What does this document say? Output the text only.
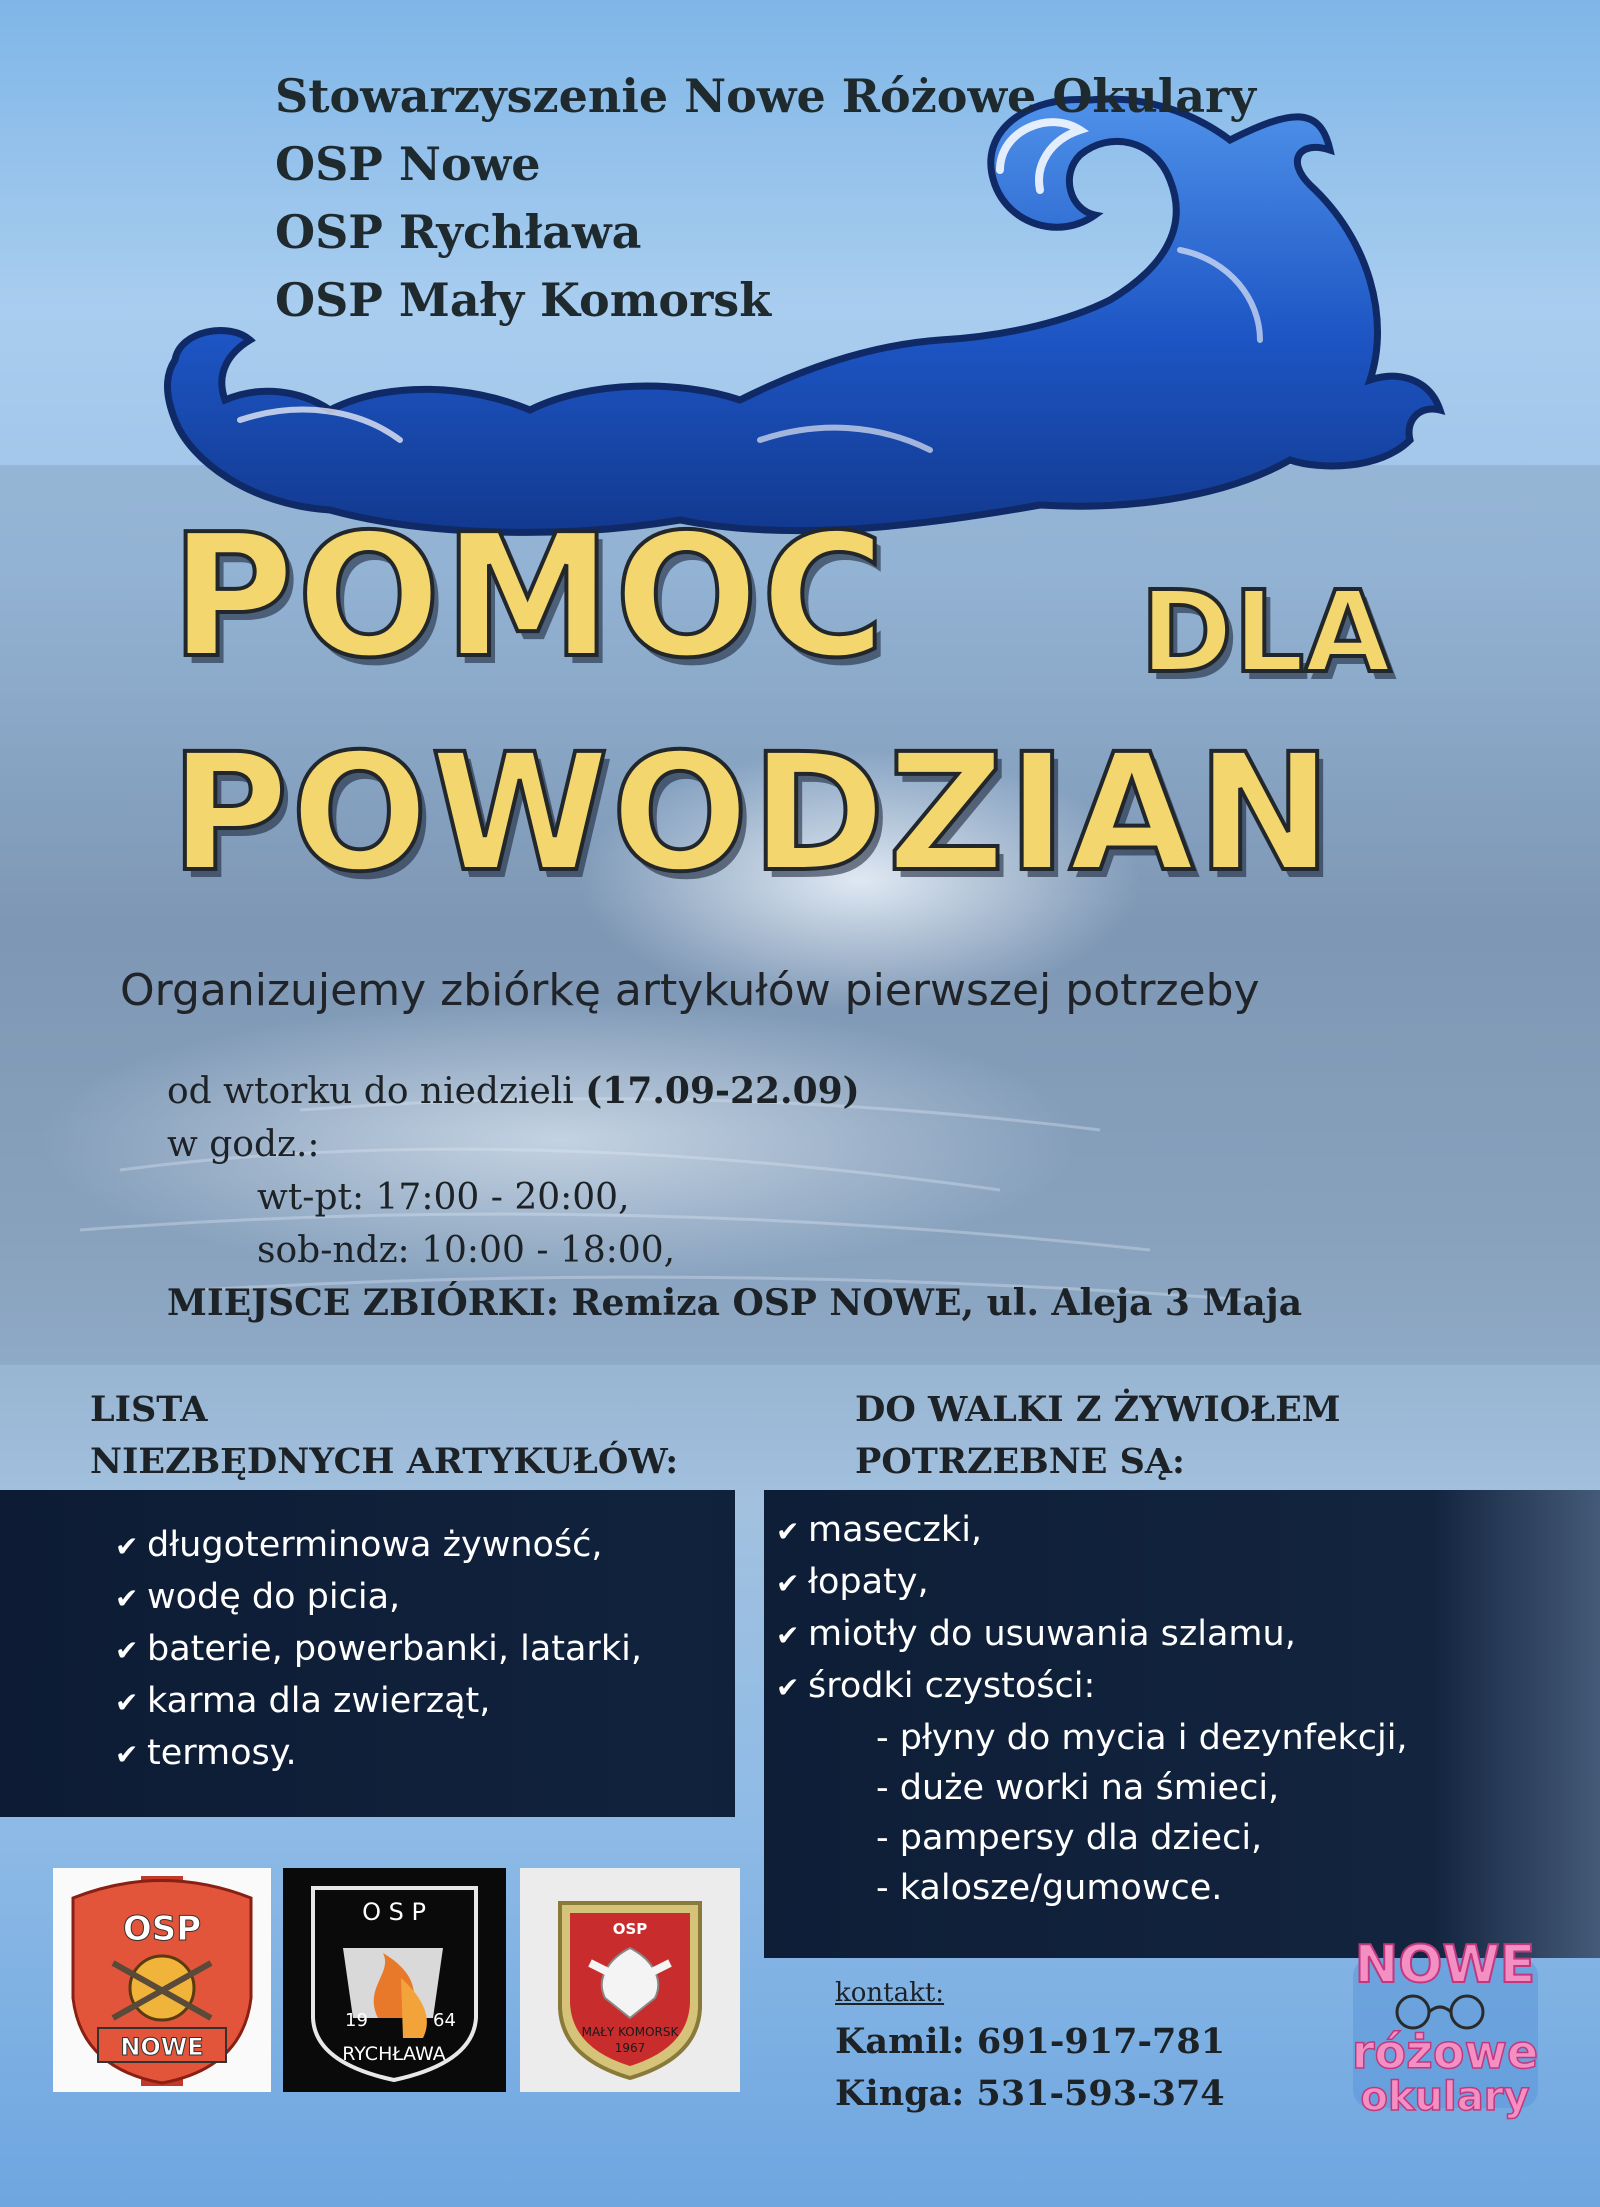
Stowarzyszenie Nowe Różowe Okulary
OSP Nowe
OSP Rychława
OSP Mały Komorsk
POMOC DLA
POWODZIAN
Organizujemy zbiórkę artykułów pierwszej potrzeby
od wtorku do niedzieli (17.09-22.09)
w godz.:
wt-pt: 17:00 - 20:00,
sob-ndz: 10:00 - 18:00,
MIEJSCE ZBIÓRKI: Remiza OSP NOWE, ul. Aleja 3 Maja
LISTA
NIEZBĘDNYCH ARTYKUŁÓW:
DO WALKI Z ŻYWIOŁEM
POTRZEBNE SĄ:
✔ długoterminowa żywność,
✔ wodę do picia,
✔ baterie, powerbanki, latarki,
✔ karma dla zwierząt,
✔ termosy.
✔ maseczki,
✔ łopaty,
✔ miotły do usuwania szlamu,
✔ środki czystości:
- płyny do mycia i dezynfekcji,
- duże worki na śmieci,
- pampersy dla dzieci,
- kalosze/gumowce.
OSP
NOWE
O S P
19	64
RYCHŁAWA
OSP
MAŁY KOMORSK
1967
kontakt:
Kamil: 691-917-781
Kinga: 531-593-374
NOWE
różowe
okulary
